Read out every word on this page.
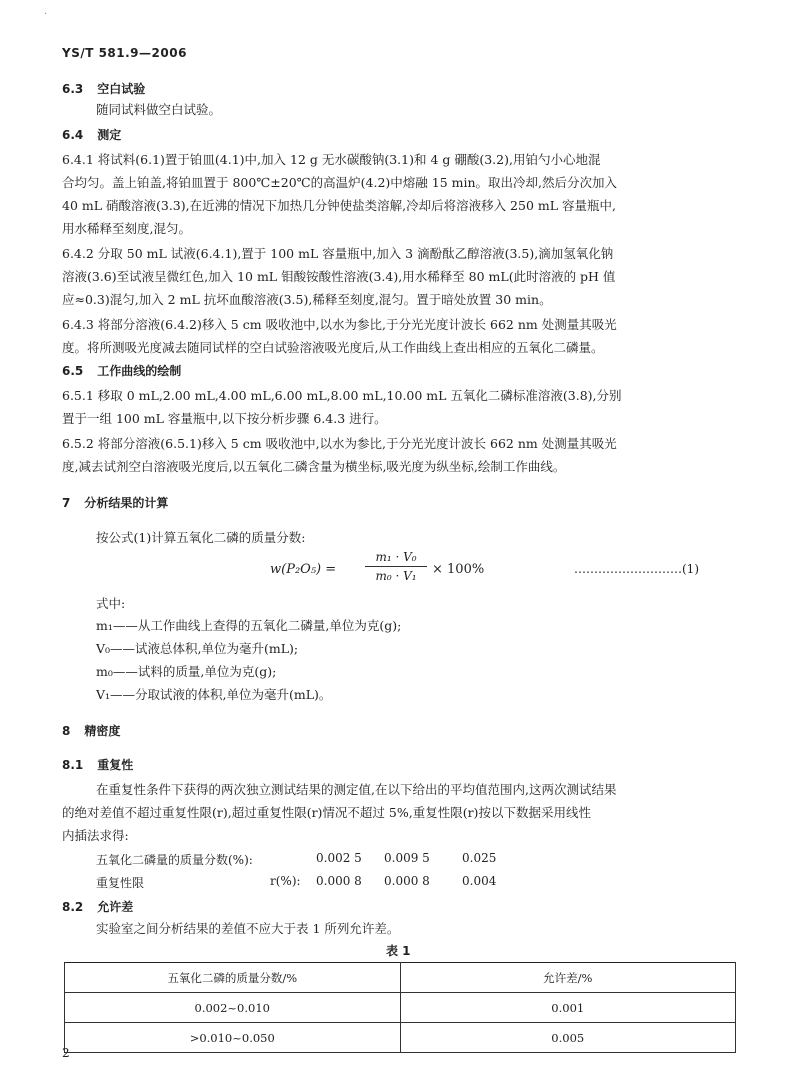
.
YS/T 581.9—2006
6.3 空白试验
随同试料做空白试验。
6.4 测定
6.4.1 将试料(6.1)置于铂皿(4.1)中,加入 12 g 无水碳酸钠(3.1)和 4 g 硼酸(3.2),用铂勺小心地混
合均匀。盖上铂盖,将铂皿置于 800℃±20℃的高温炉(4.2)中熔融 15 min。取出冷却,然后分次加入
40 mL 硝酸溶液(3.3),在近沸的情况下加热几分钟使盐类溶解,冷却后将溶液移入 250 mL 容量瓶中,
用水稀释至刻度,混匀。
6.4.2 分取 50 mL 试液(6.4.1),置于 100 mL 容量瓶中,加入 3 滴酚酞乙醇溶液(3.5),滴加氢氧化钠
溶液(3.6)至试液呈微红色,加入 10 mL 钼酸铵酸性溶液(3.4),用水稀释至 80 mL(此时溶液的 pH 值
应≈0.3)混匀,加入 2 mL 抗坏血酸溶液(3.5),稀释至刻度,混匀。置于暗处放置 30 min。
6.4.3 将部分溶液(6.4.2)移入 5 cm 吸收池中,以水为参比,于分光光度计波长 662 nm 处测量其吸光
度。将所测吸光度减去随同试样的空白试验溶液吸光度后,从工作曲线上查出相应的五氧化二磷量。
6.5 工作曲线的绘制
6.5.1 移取 0 mL,2.00 mL,4.00 mL,6.00 mL,8.00 mL,10.00 mL 五氧化二磷标准溶液(3.8),分别
置于一组 100 mL 容量瓶中,以下按分析步骤 6.4.3 进行。
6.5.2 将部分溶液(6.5.1)移入 5 cm 吸收池中,以水为参比,于分光光度计波长 662 nm 处测量其吸光
度,减去试剂空白溶液吸光度后,以五氧化二磷含量为横坐标,吸光度为纵坐标,绘制工作曲线。
7 分析结果的计算
按公式(1)计算五氧化二磷的质量分数:
w(P₂O₅) =
m₁ · V₀
m₀ · V₁	× 100%	………………………(1)
式中:
m₁——从工作曲线上查得的五氧化二磷量,单位为克(g);
V₀——试液总体积,单位为毫升(mL);
m₀——试料的质量,单位为克(g);
V₁——分取试液的体积,单位为毫升(mL)。
8 精密度
8.1 重复性
在重复性条件下获得的两次独立测试结果的测定值,在以下给出的平均值范围内,这两次测试结果
的绝对差值不超过重复性限(r),超过重复性限(r)情况不超过 5%,重复性限(r)按以下数据采用线性
内插法求得:
五氧化二磷量的质量分数(%):	0.002 5 0.009 5	0.025
重复性限	r(%): 0.000 8 0.000 8	0.004
8.2 允许差
实验室之间分析结果的差值不应大于表 1 所列允许差。
表 1
五氧化二磷的质量分数/%	允许差/%
0.002~0.010	0.001
>0.010~0.050	0.005
2
